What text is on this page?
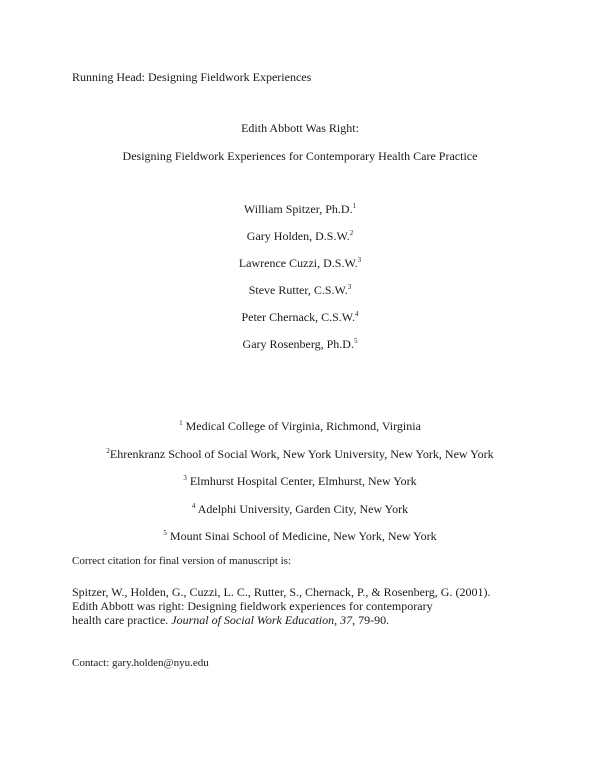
Running Head: Designing Fieldwork Experiences
Edith Abbott Was Right:
Designing Fieldwork Experiences for Contemporary Health Care Practice
William Spitzer, Ph.D.$^1$
Gary Holden, D.S.W.$^2$
Lawrence Cuzzi, D.S.W.$^3$
Steve Rutter, C.S.W.$^3$
Peter Chernack, C.S.W.$^4$
Gary Rosenberg, Ph.D.$^5$
$^1$ Medical College of Virginia, Richmond, Virginia
$^2$Ehrenkranz School of Social Work, New York University, New York, New York
$^3$ Elmhurst Hospital Center, Elmhurst, New York
$^4$ Adelphi University, Garden City, New York
$^5$ Mount Sinai School of Medicine, New York, New York
Correct citation for final version of manuscript is:
Spitzer, W., Holden, G., Cuzzi, L. C., Rutter, S., Chernack, P., & Rosenberg, G. (2001).
Edith Abbott was right: Designing fieldwork experiences for contemporary
health care practice. Journal of Social Work Education, 37, 79-90.
Contact: gary.holden@nyu.edu
